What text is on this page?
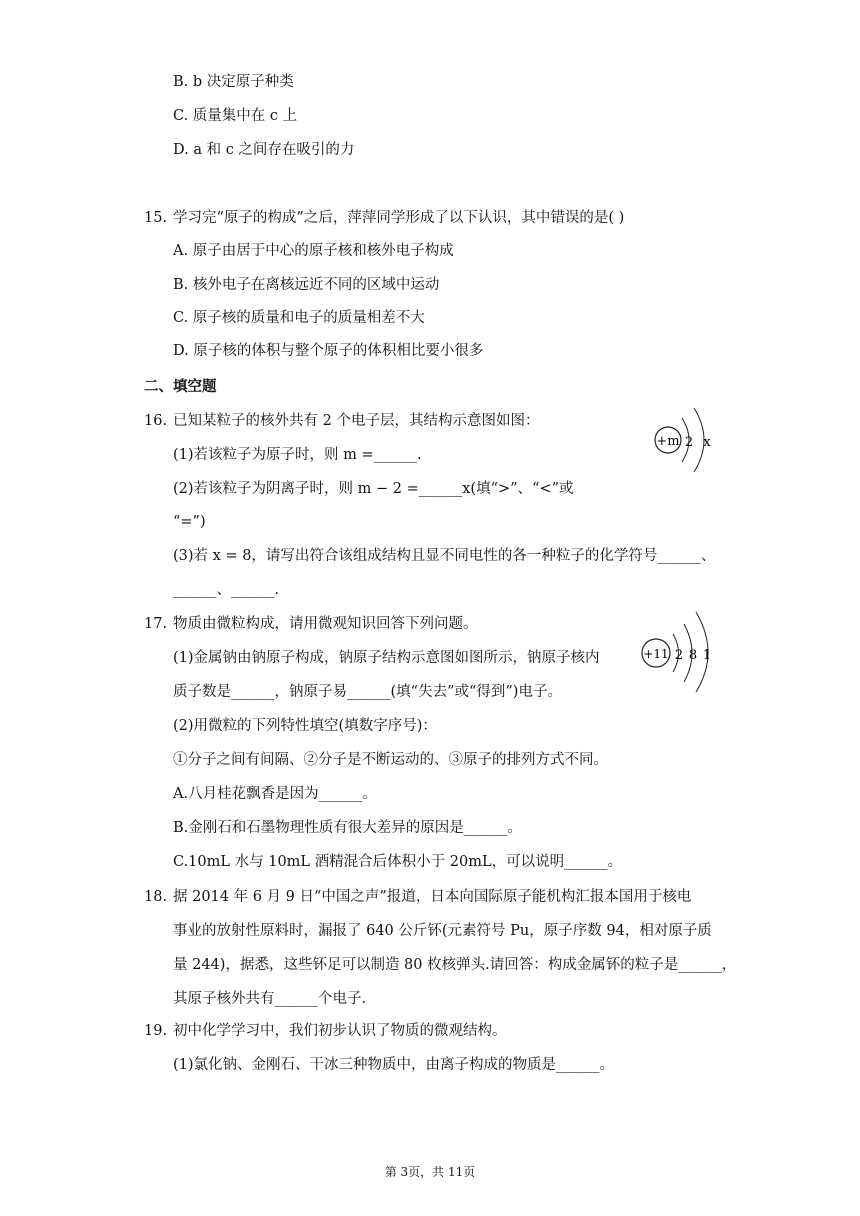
B. b 决定原子种类
C. 质量集中在 c 上
D. a 和 c 之间存在吸引的力
15. 学习完“原子的构成”之后，萍萍同学形成了以下认识，其中错误的是( )
A. 原子由居于中心的原子核和核外电子构成
B. 核外电子在离核远近不同的区域中运动
C. 原子核的质量和电子的质量相差不大
D. 原子核的体积与整个原子的体积相比要小很多
二、填空题
16. 已知某粒子的核外共有 2 个电子层，其结构示意图如图：
(1)若该粒子为原子时，则 m =______.
(2)若该粒子为阴离子时，则 m − 2 =______x(填“>”、“<”或
“=”)
(3)若 x = 8，请写出符合该组成结构且显不同电性的各一种粒子的化学符号______、
______、______.
+m 2 x
17. 物质由微粒构成，请用微观知识回答下列问题。
(1)金属钠由钠原子构成，钠原子结构示意图如图所示，钠原子核内
质子数是______，钠原子易______(填“失去”或“得到”)电子。
(2)用微粒的下列特性填空(填数字序号)：
①分子之间有间隔、②分子是不断运动的、③原子的排列方式不同。
A.八月桂花飘香是因为______。
B.金刚石和石墨物理性质有很大差异的原因是______。
C.10mL 水与 10mL 酒精混合后体积小于 20mL，可以说明______。
+11 2 8 1
18. 据 2014 年 6 月 9 日“中国之声”报道，日本向国际原子能机构汇报本国用于核电
事业的放射性原料时，漏报了 640 公斤钚(元素符号 Pu，原子序数 94，相对原子质
量 244)，据悉，这些钚足可以制造 80 枚核弹头.请回答：构成金属钚的粒子是______，
其原子核外共有______个电子.
19. 初中化学学习中，我们初步认识了物质的微观结构。
(1)氯化钠、金刚石、干冰三种物质中，由离子构成的物质是______。
第 3页，共 11页
